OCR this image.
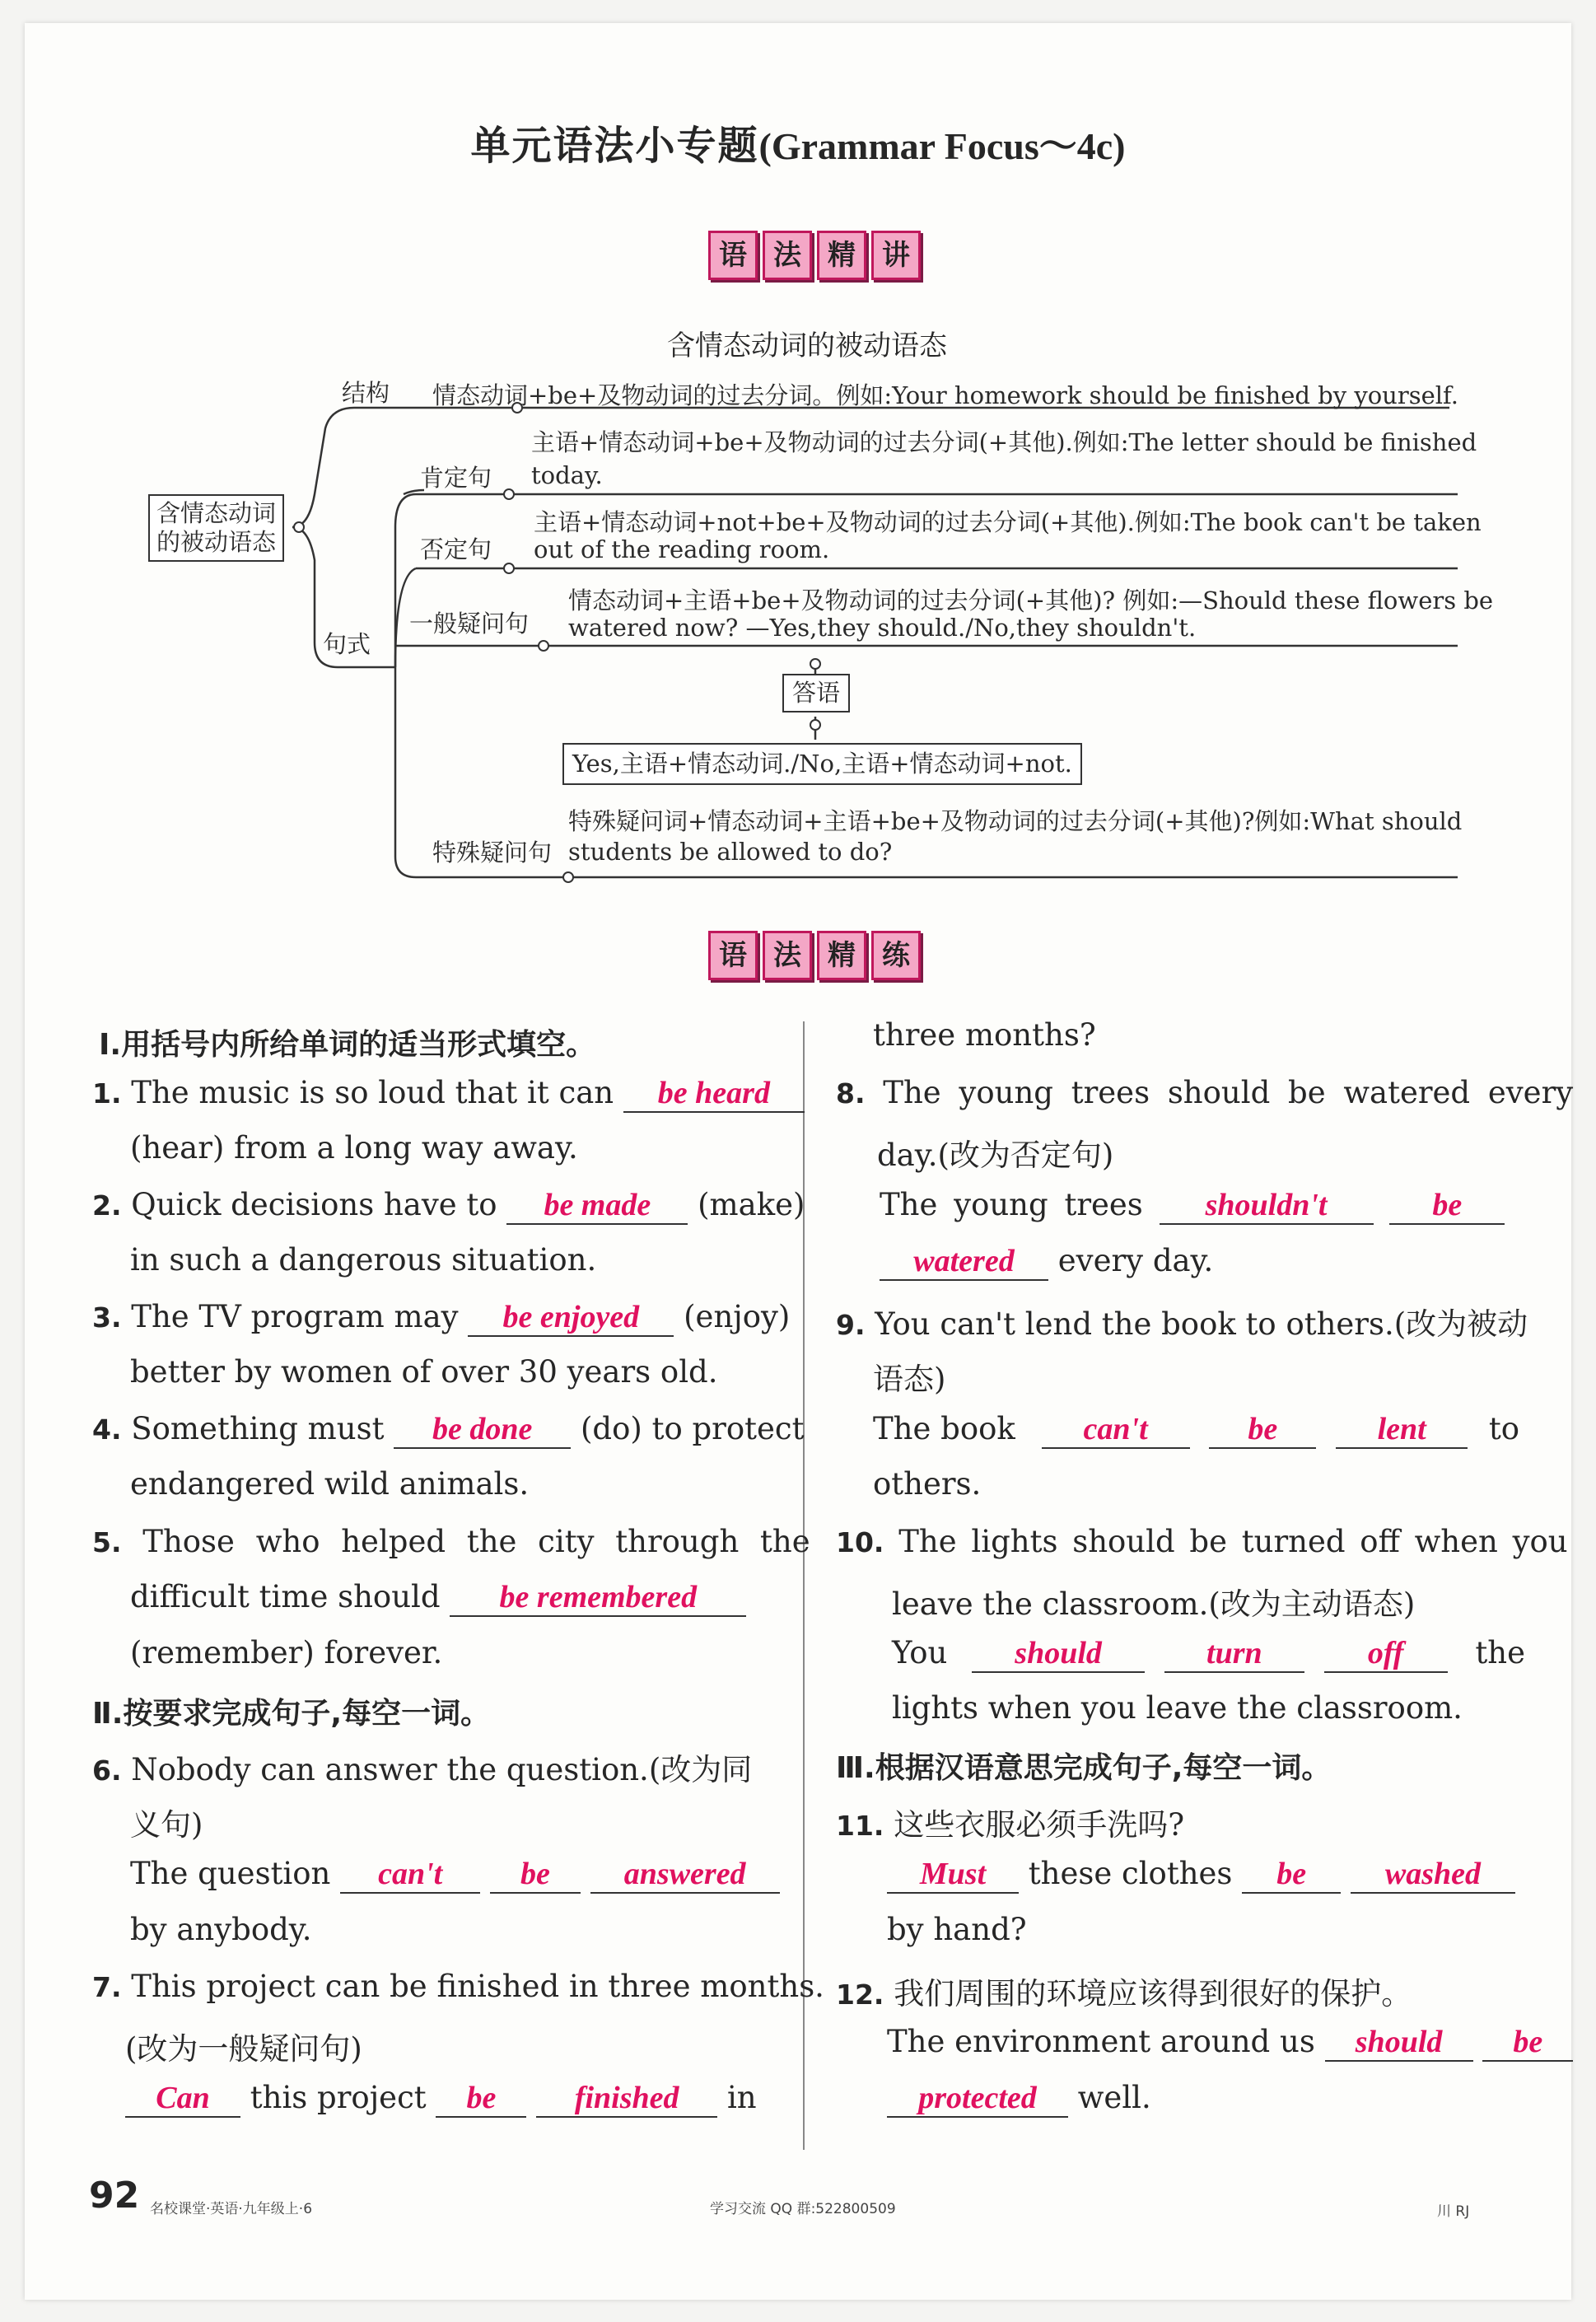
单元语法小专题(Grammar Focus～4c)
语 法 精 讲
含情态动词的被动语态
含情态动词
的被动语态
结构 情态动词+be+及物动词的过去分词。例如:Your homework should be finished by yourself.
句式
肯定句
主语+情态动词+be+及物动词的过去分词(+其他).例如:The letter should be finished
today.
否定句
主语+情态动词+not+be+及物动词的过去分词(+其他).例如:The book can't be taken
out of the reading room.
一般疑问句
情态动词+主语+be+及物动词的过去分词(+其他)? 例如:—Should these flowers be
watered now? —Yes,they should./No,they shouldn't.
答语
Yes,主语+情态动词./No,主语+情态动词+not.
特殊疑问句
特殊疑问词+情态动词+主语+be+及物动词的过去分词(+其他)?例如:What should
students be allowed to do?
语 法 精 练
Ⅰ.用括号内所给单词的适当形式填空。
1. The music is so loud that it can be heard
(hear) from a long way away.
2. Quick decisions have to be made (make)
in such a dangerous situation.
3. The TV program may be enjoyed (enjoy)
better by women of over 30 years old.
4. Something must be done (do) to protect
endangered wild animals.
5. Those who helped the city through the
difficult time should be remembered
(remember) forever.
Ⅱ.按要求完成句子,每空一词。
6. Nobody can answer the question.(改为同
义句)
The question can't be answered
by anybody.
7. This project can be finished in three months.
(改为一般疑问句)
Can this project be	finished in
three months?
8. The young trees should be watered every
day.(改为否定句)
The young trees shouldn't	be
watered every day.
9. You can't lend the book to others.(改为被动
语态)
The book can't	be	lent to
others.
10. The lights should be turned off when you
leave the classroom.(改为主动语态)
You should	turn	off the
lights when you leave the classroom.
Ⅲ.根据汉语意思完成句子,每空一词。
11. 这些衣服必须手洗吗?
Must these clothes be	washed
by hand?
12. 我们周围的环境应该得到很好的保护。
The environment around us should be
protected well.
92 名校课堂·英语·九年级上·6	学习交流 QQ 群:522800509	川 RJ
